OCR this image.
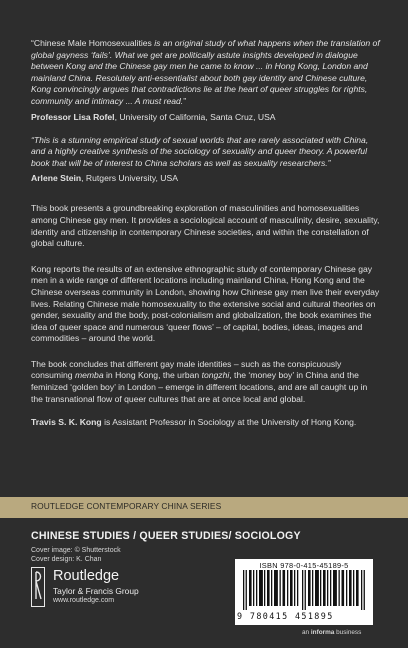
“Chinese Male Homosexualities is an original study of what happens when the translation of global gayness ‘fails’. What we get are politically astute insights developed in dialogue between Kong and the Chinese gay men he came to know ... in Hong Kong, London and mainland China. Resolutely anti-essentialist about both gay identity and Chinese culture, Kong convincingly argues that contradictions lie at the heart of queer struggles for rights, community and intimacy ... A must read.”

Professor Lisa Rofel, University of California, Santa Cruz, USA

“This is a stunning empirical study of sexual worlds that are rarely associated with China, and a highly creative synthesis of the sociology of sexuality and queer theory. A powerful book that will be of interest to China scholars as well as sexuality researchers.”

Arlene Stein, Rutgers University, USA

This book presents a groundbreaking exploration of masculinities and homosexualities among Chinese gay men. It provides a sociological account of masculinity, desire, sexuality, identity and citizenship in contemporary Chinese societies, and within the constellation of global culture.

Kong reports the results of an extensive ethnographic study of contemporary Chinese gay men in a wide range of different locations including mainland China, Hong Kong and the Chinese overseas community in London, showing how Chinese gay men live their everyday lives. Relating Chinese male homosexuality to the extensive social and cultural theories on gender, sexuality and the body, post-colonialism and globalization, the book examines the idea of queer space and numerous ‘queer flows’ – of capital, bodies, ideas, images and commodities – around the world.

The book concludes that different gay male identities – such as the conspicuously consuming memba in Hong Kong, the urban tongzhi, the ‘money boy’ in China and the feminized ‘golden boy’ in London – emerge in different locations, and are all caught up in the transnational flow of queer cultures that are at once local and global.

Travis S. K. Kong is Assistant Professor in Sociology at the University of Hong Kong.

ROUTLEDGE CONTEMPORARY CHINA SERIES
CHINESE STUDIES / QUEER STUDIES/ SOCIOLOGY
Cover image: © Shutterstock
Cover design: K. Chan
Routledge
Taylor & Francis Group
www.routledge.com
ISBN 978-0-415-45189-5
9 780415 451895
an informa business
